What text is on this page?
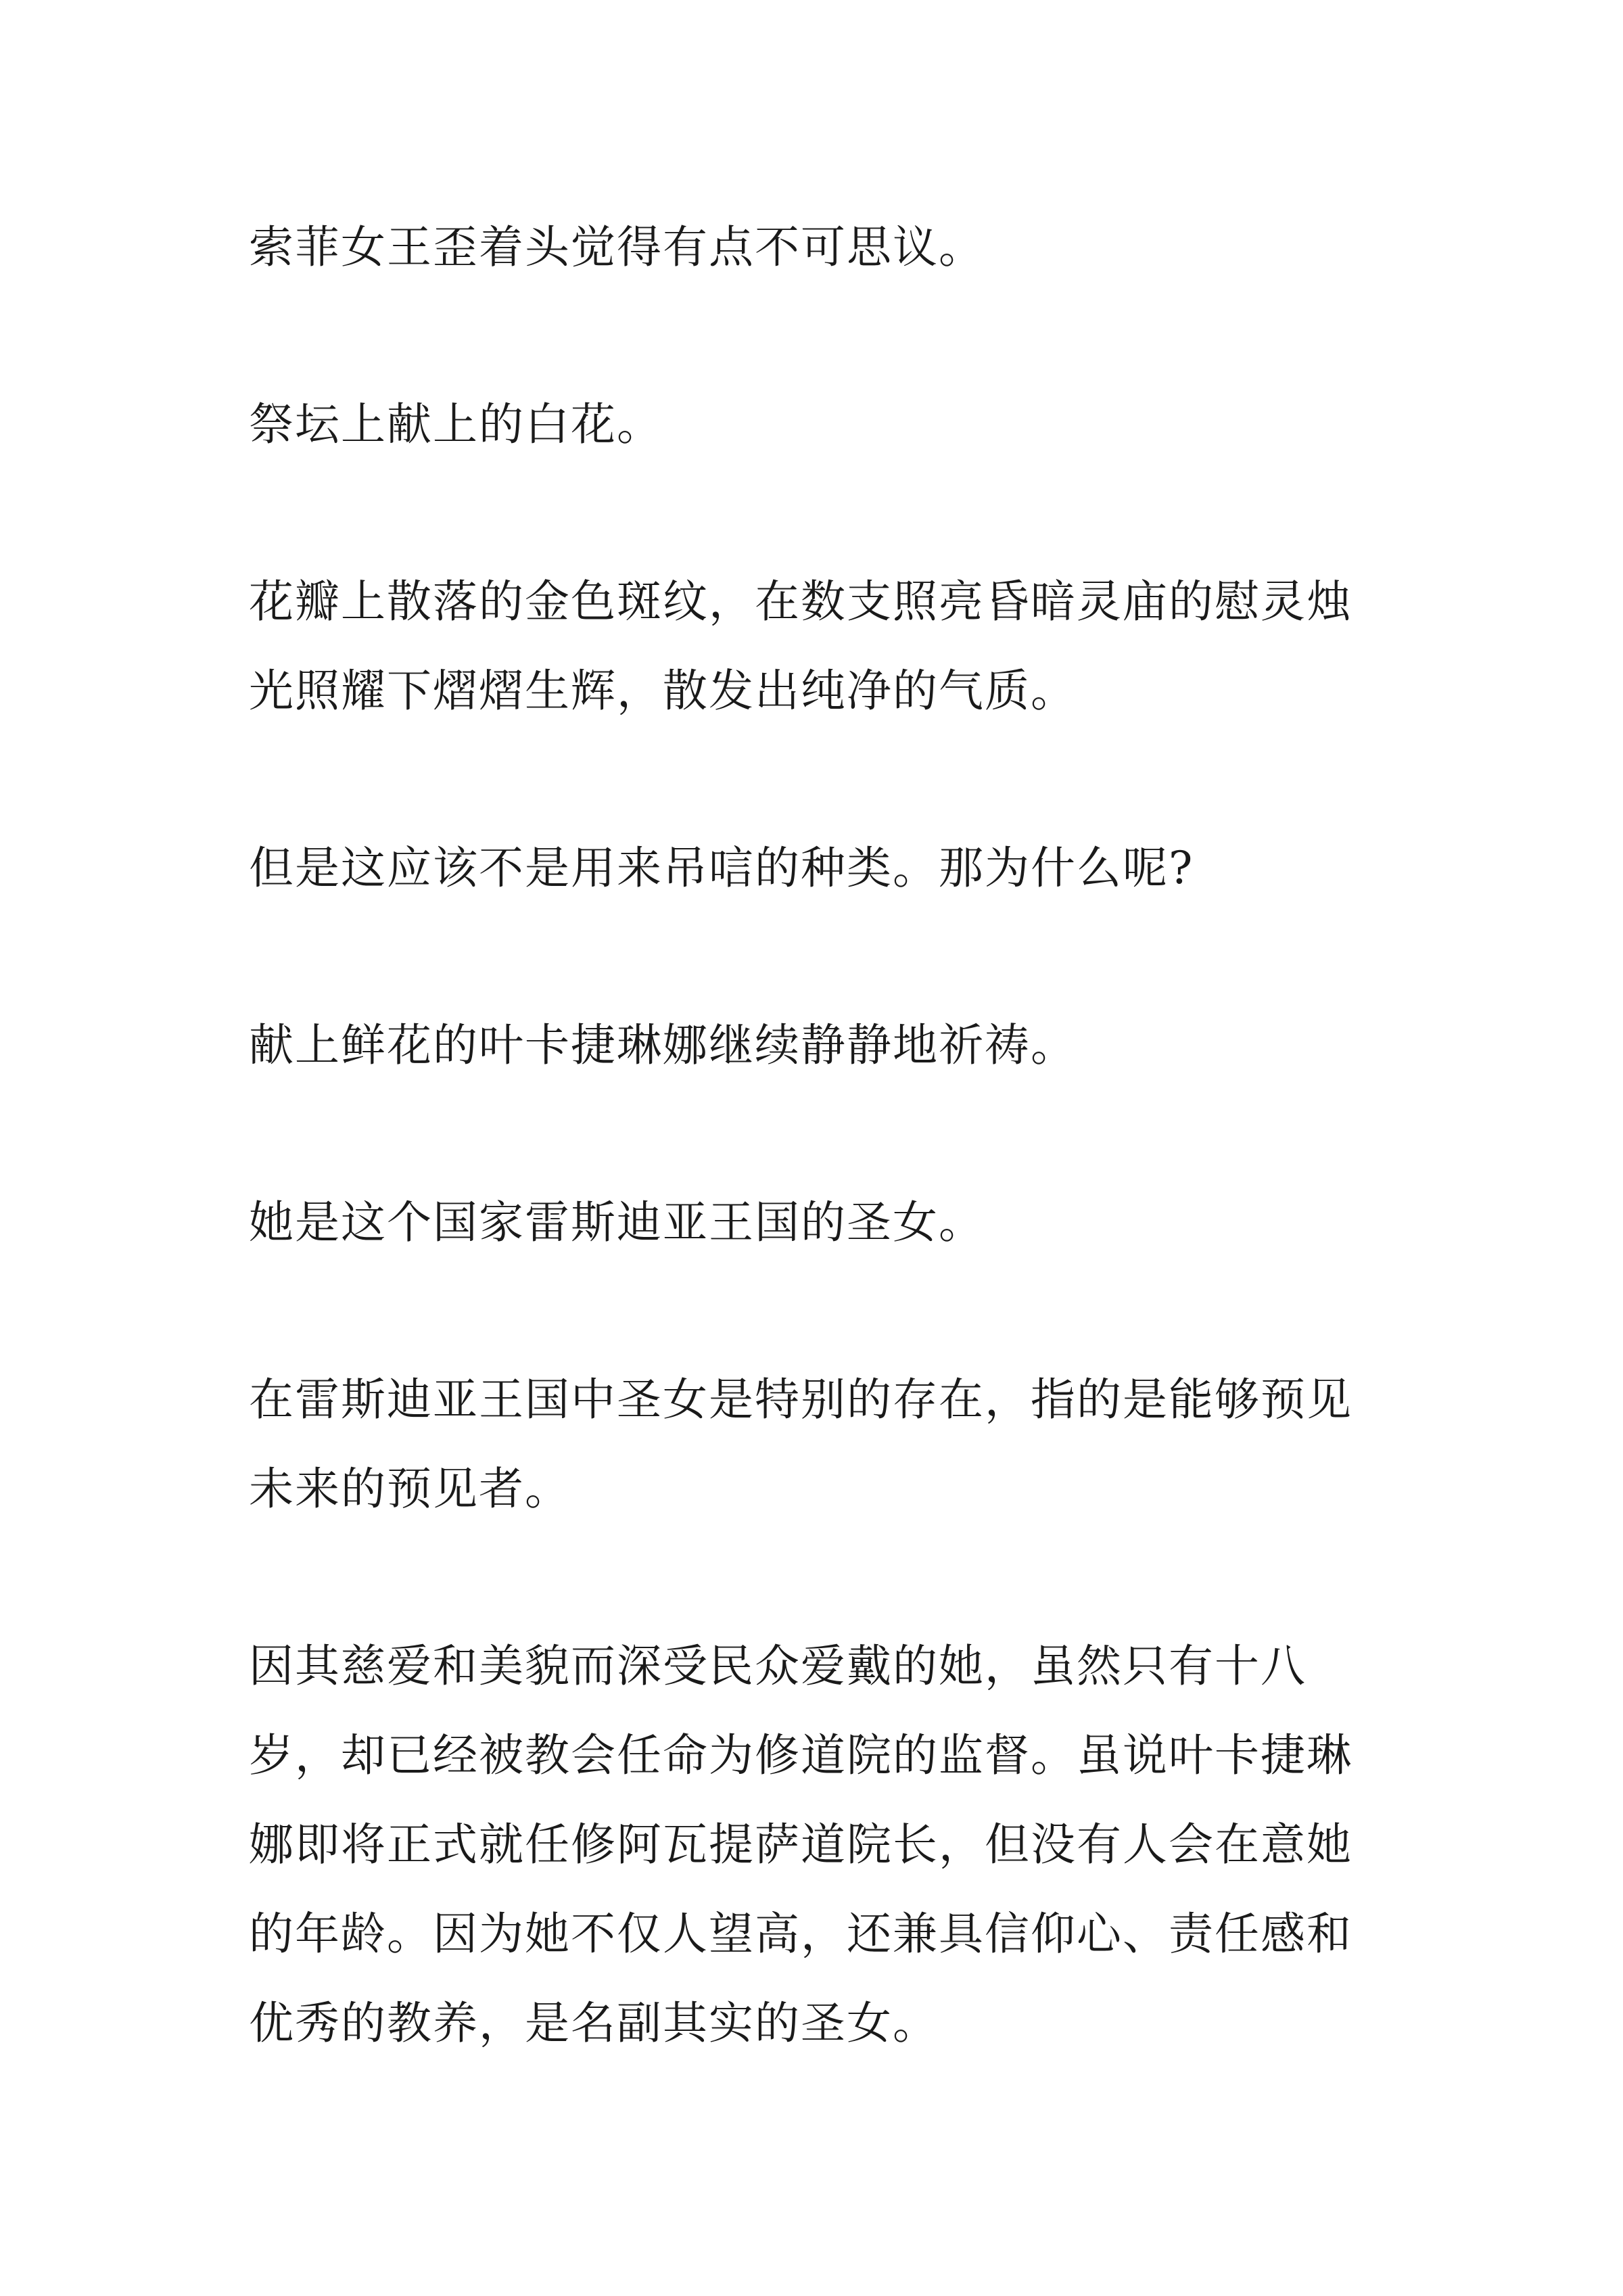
索菲女王歪着头觉得有点不可思议。

祭坛上献上的白花。

花瓣上散落的金色斑纹，在数支照亮昏暗灵庙的慰灵烛光照耀下熠熠生辉，散发出纯净的气质。

但是这应该不是用来吊唁的种类。那为什么呢?

献上鲜花的叶卡捷琳娜继续静静地祈祷。

她是这个国家雷斯迪亚王国的圣女。

在雷斯迪亚王国中圣女是特别的存在，指的是能够预见未来的预见者。

因其慈爱和美貌而深受民众爱戴的她，虽然只有十八岁，却已经被教会任命为修道院的监督。虽说叶卡捷琳娜即将正式就任修阿瓦提萨道院长，但没有人会在意她的年龄。因为她不仅人望高，还兼具信仰心、责任感和优秀的教养，是名副其实的圣女。
